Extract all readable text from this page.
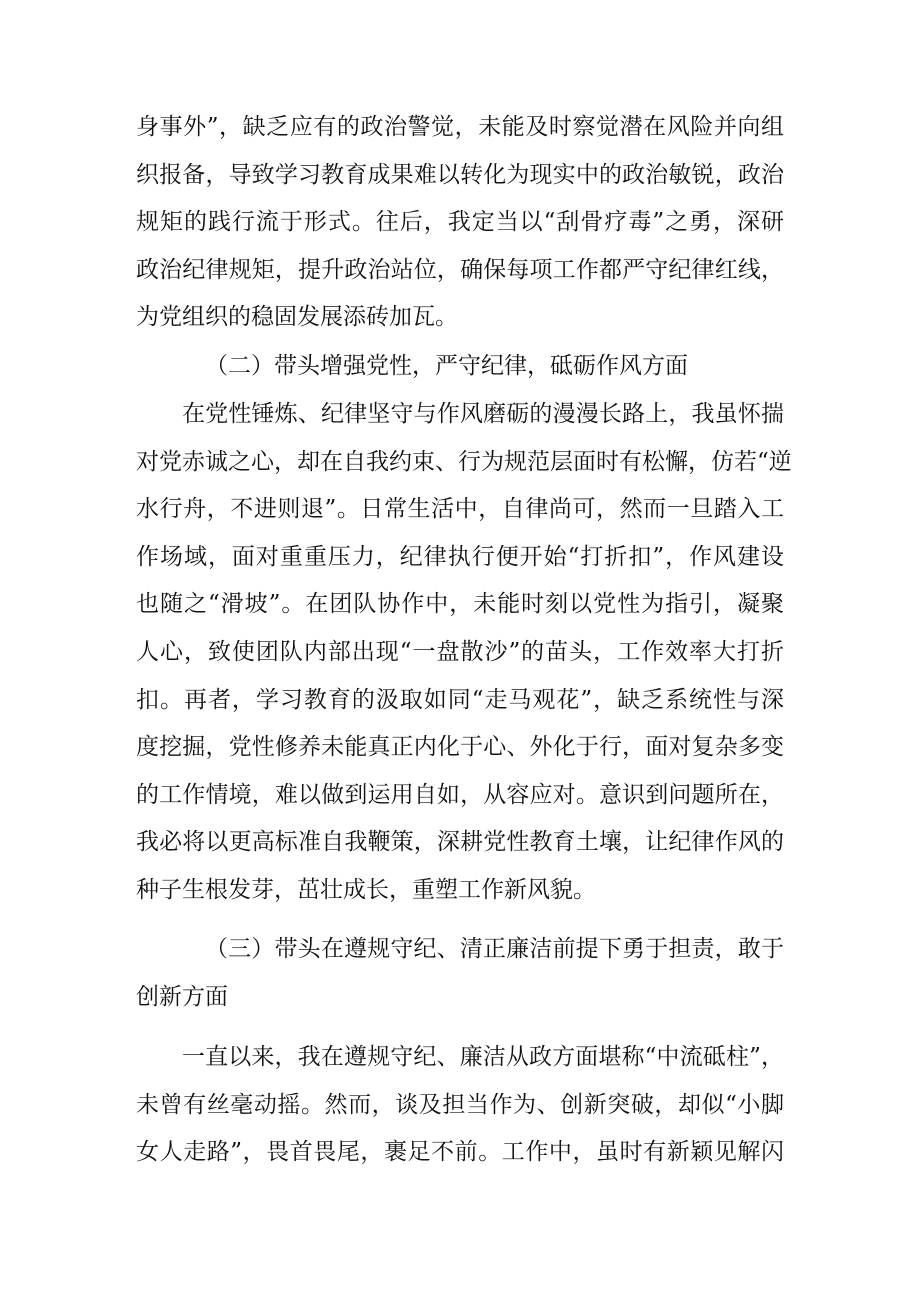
身事外”，缺乏应有的政治警觉，未能及时察觉潜在风险并向组
织报备，导致学习教育成果难以转化为现实中的政治敏锐，政治
规矩的践行流于形式。往后，我定当以“刮骨疗毒”之勇，深研
政治纪律规矩，提升政治站位，确保每项工作都严守纪律红线，
为党组织的稳固发展添砖加瓦。
（二）带头增强党性，严守纪律，砥砺作风方面
在党性锤炼、纪律坚守与作风磨砺的漫漫长路上，我虽怀揣
对党赤诚之心，却在自我约束、行为规范层面时有松懈，仿若“逆
水行舟，不进则退”。日常生活中，自律尚可，然而一旦踏入工
作场域，面对重重压力，纪律执行便开始“打折扣”，作风建设
也随之“滑坡”。在团队协作中，未能时刻以党性为指引，凝聚
人心，致使团队内部出现“一盘散沙”的苗头，工作效率大打折
扣。再者，学习教育的汲取如同“走马观花”，缺乏系统性与深
度挖掘，党性修养未能真正内化于心、外化于行，面对复杂多变
的工作情境，难以做到运用自如，从容应对。意识到问题所在，
我必将以更高标准自我鞭策，深耕党性教育土壤，让纪律作风的
种子生根发芽，茁壮成长，重塑工作新风貌。
（三）带头在遵规守纪、清正廉洁前提下勇于担责，敢于
创新方面
一直以来，我在遵规守纪、廉洁从政方面堪称“中流砥柱”，
未曾有丝毫动摇。然而，谈及担当作为、创新突破，却似“小脚
女人走路”，畏首畏尾，裹足不前。工作中，虽时有新颖见解闪
